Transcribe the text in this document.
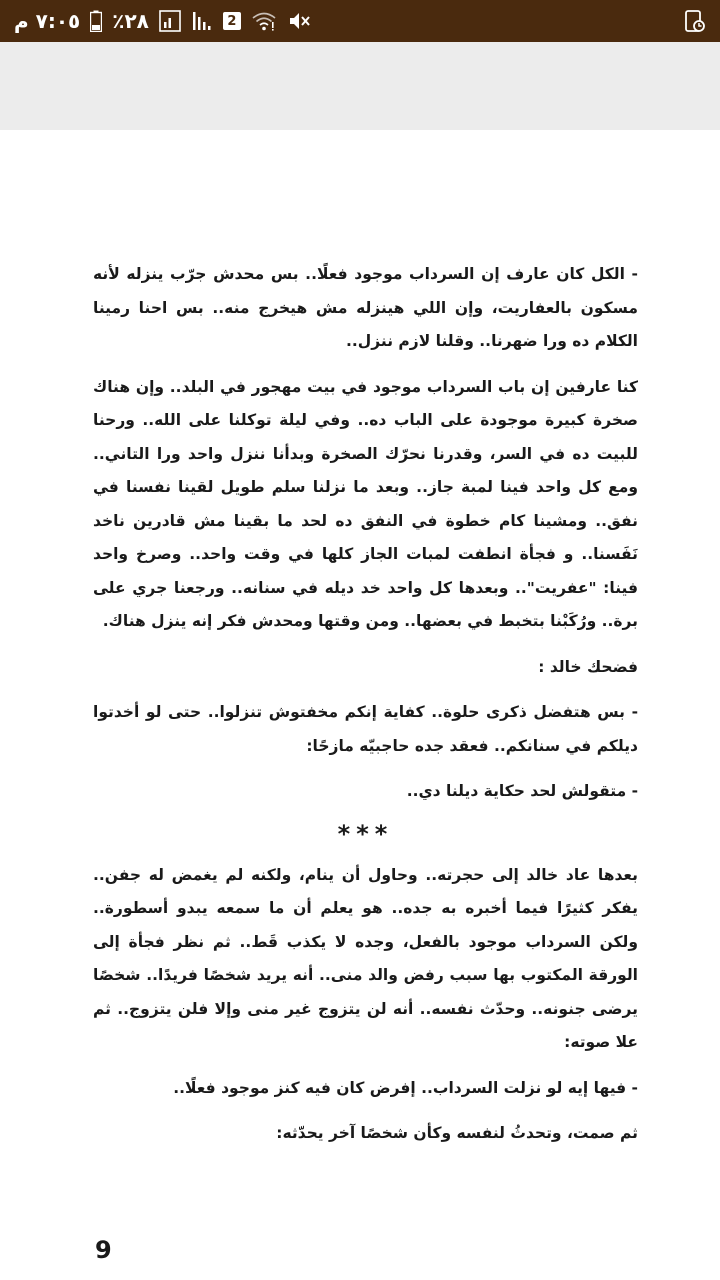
٧:٠٥ م ٪٢٨	2

- الكل كان عارف إن السرداب موجود فعلًا.. بس محدش جرّب ينزله لأنه مسكون بالعفاريت، وإن اللي هينزله مش هيخرج منه.. بس احنا رمينا الكلام ده ورا ضهرنا.. وقلنا لازم ننزل..

كنا عارفين إن باب السرداب موجود في بيت مهجور في البلد.. وإن هناك صخرة كبيرة موجودة على الباب ده.. وفي ليلة توكلنا على الله.. ورحنا للبيت ده في السر، وقدرنا نحرّك الصخرة وبدأنا ننزل واحد ورا التاني.. ومع كل واحد فينا لمبة جاز.. وبعد ما نزلنا سلم طويل لقينا نفسنا في نفق.. ومشينا كام خطوة في النفق ده لحد ما بقينا مش قادرين ناخد نَفَسنا.. و فجأة انطفت لمبات الجاز كلها في وقت واحد.. وصرخ واحد فينا: "عفريت".. وبعدها كل واحد خد ديله في سنانه.. ورجعنا جري على برة.. ورُكَبْنا بتخبط في بعضها.. ومن وقتها ومحدش فكر إنه ينزل هناك.

فضحك خالد :

- بس هتفضل ذكرى حلوة.. كفاية إنكم مخفتوش تنزلوا.. حتى لو أخدتوا ديلكم في سنانكم.. فعقد جده حاجبيّه مازحًا:

- متقولش لحد حكاية ديلنا دي..

***

بعدها عاد خالد إلى حجرته.. وحاول أن ينام، ولكنه لم يغمض له جفن.. يفكر كثيرًا فيما أخبره به جده.. هو يعلم أن ما سمعه يبدو أسطورة.. ولكن السرداب موجود بالفعل، وجده لا يكذب قَط.. ثم نظر فجأة إلى الورقة المكتوب بها سبب رفض والد منى.. أنه يريد شخصًا فريدًا.. شخصًا يرضى جنونه.. وحدّث نفسه.. أنه لن يتزوج غير منى وإلا فلن يتزوج.. ثم علا صوته:

- فيها إيه لو نزلت السرداب.. إفرض كان فيه كنز موجود فعلًا..

ثم صمت، وتحدثُ لنفسه وكأن شخصًا آخر يحدّثه:

9
